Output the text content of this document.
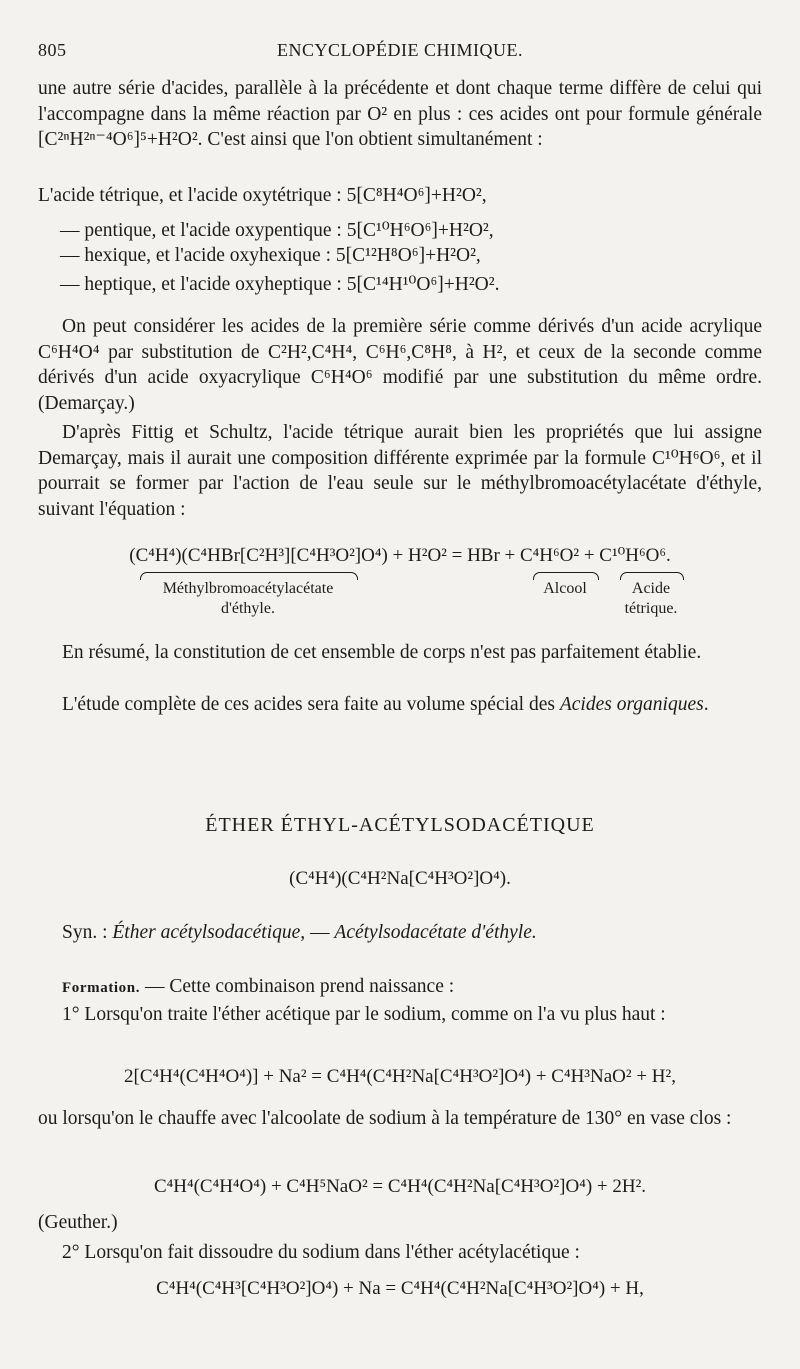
805	ENCYCLOPÉDIE CHIMIQUE.
une autre série d'acides, parallèle à la précédente et dont chaque terme diffère de celui qui l'accompagne dans la même réaction par O² en plus : ces acides ont pour formule générale [C²ⁿH²ⁿ⁻⁴O⁶]⁵+H²O². C'est ainsi que l'on obtient simultanément :
L'acide tétrique, et l'acide oxytétrique : 5[C⁸H⁴O⁶]+H²O²,
— pentique, et l'acide oxypentique : 5[C¹⁰H⁶O⁶]+H²O²,
— hexique, et l'acide oxyhexique : 5[C¹²H⁸O⁶]+H²O²,
— heptique, et l'acide oxyheptique : 5[C¹⁴H¹⁰O⁶]+H²O².
On peut considérer les acides de la première série comme dérivés d'un acide acrylique C⁶H⁴O⁴ par substitution de C²H²,C⁴H⁴, C⁶H⁶,C⁸H⁸, à H², et ceux de la seconde comme dérivés d'un acide oxyacrylique C⁶H⁴O⁶ modifié par une substitution du même ordre. (Demarçay.)
D'après Fittig et Schultz, l'acide tétrique aurait bien les propriétés que lui assigne Demarçay, mais il aurait une composition différente exprimée par la formule C¹⁰H⁶O⁶, et il pourrait se former par l'action de l'eau seule sur le méthylbromoacétylacétate d'éthyle, suivant l'équation :
(C⁴H⁴)(C⁴HBr[C²H³][C⁴H³O²]O⁴) + H²O² = HBr + C⁴H⁶O² + C¹⁰H⁶O⁶.
Méthylbromoacétylacétate
d'éthyle.
Alcool	Acide
tétrique.
En résumé, la constitution de cet ensemble de corps n'est pas parfaitement établie.
L'étude complète de ces acides sera faite au volume spécial des Acides organiques.
ÉTHER ÉTHYL-ACÉTYLSODACÉTIQUE
(C⁴H⁴)(C⁴H²Na[C⁴H³O²]O⁴).
Syn. : Éther acétylsodacétique, — Acétylsodacétate d'éthyle.
Formation. — Cette combinaison prend naissance :
1° Lorsqu'on traite l'éther acétique par le sodium, comme on l'a vu plus haut :
2[C⁴H⁴(C⁴H⁴O⁴)] + Na² = C⁴H⁴(C⁴H²Na[C⁴H³O²]O⁴) + C⁴H³NaO² + H²,
ou lorsqu'on le chauffe avec l'alcoolate de sodium à la température de 130° en vase clos :
C⁴H⁴(C⁴H⁴O⁴) + C⁴H⁵NaO² = C⁴H⁴(C⁴H²Na[C⁴H³O²]O⁴) + 2H².
(Geuther.)
2° Lorsqu'on fait dissoudre du sodium dans l'éther acétylacétique :
C⁴H⁴(C⁴H³[C⁴H³O²]O⁴) + Na = C⁴H⁴(C⁴H²Na[C⁴H³O²]O⁴) + H,
